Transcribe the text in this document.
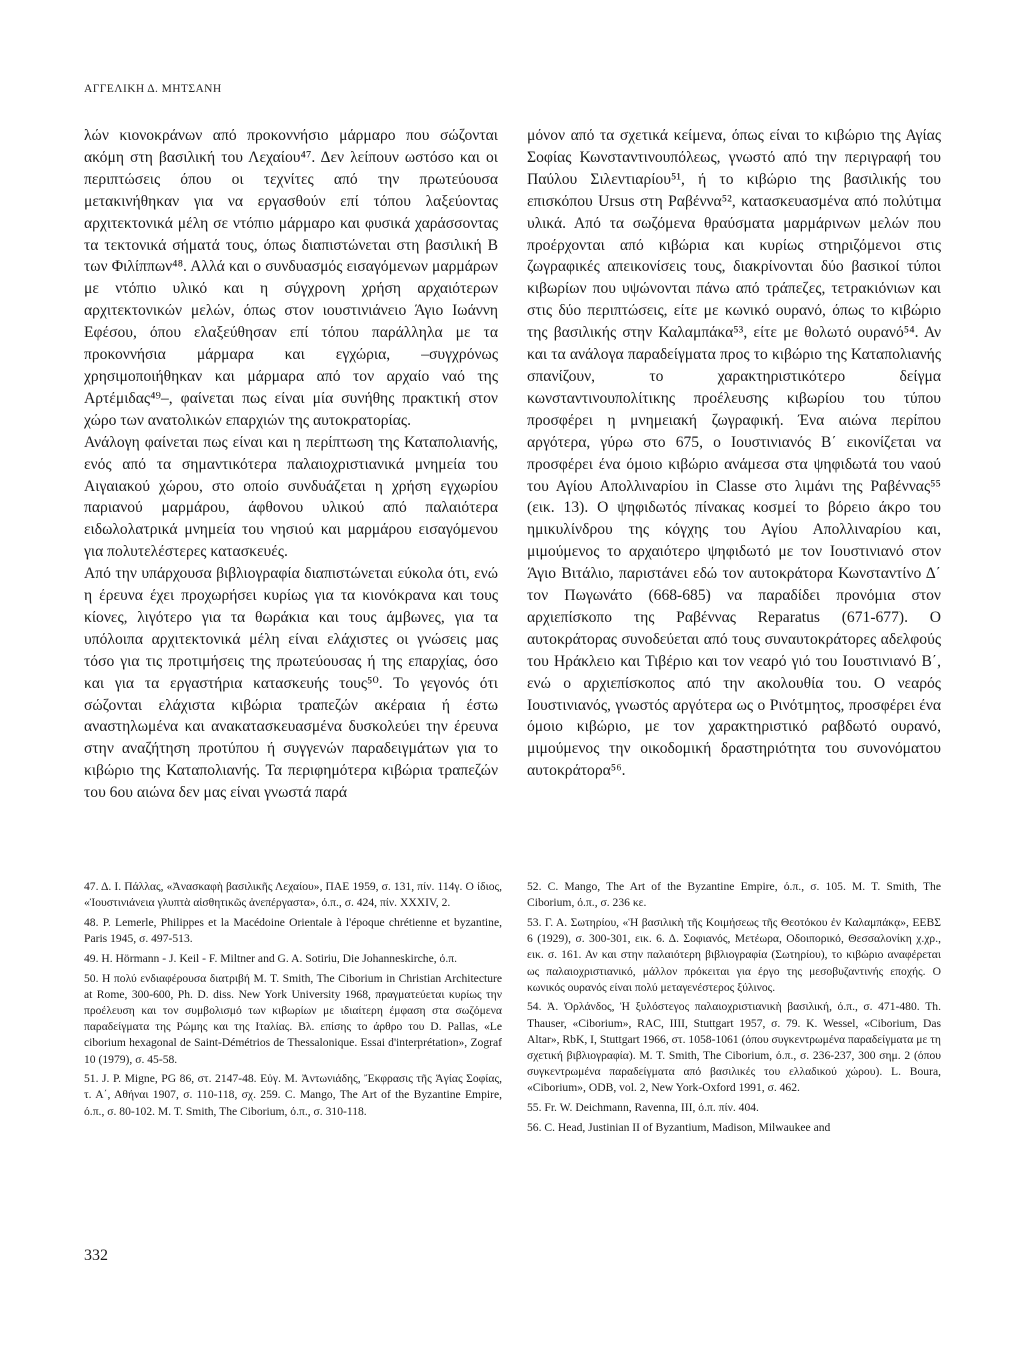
ΑΓΓΕΛΙΚΗ Δ. ΜΗΤΣΑΝΗ

λών κιονοκράνων από προκοννήσιο μάρμαρο που σώζονται ακόμη στη βασιλική του Λεχαίου⁴⁷. Δεν λείπουν ωστόσο και οι περιπτώσεις όπου οι τεχνίτες από την πρωτεύουσα μετακινήθηκαν για να εργασθούν επί τόπου λαξεύοντας αρχιτεκτονικά μέλη σε ντόπιο μάρμαρο και φυσικά χαράσσοντας τα τεκτονικά σήματά τους, όπως διαπιστώνεται στη βασιλική Β των Φιλίππων⁴⁸. Αλλά και ο συνδυασμός εισαγόμενων μαρμάρων με ντόπιο υλικό και η σύγχρονη χρήση αρχαιότερων αρχιτεκτονικών μελών, όπως στον ιουστινιάνειο Άγιο Ιωάννη Εφέσου, όπου ελαξεύθησαν επί τόπου παράλληλα με τα προκοννήσια μάρμαρα και εγχώρια, –συγχρόνως χρησιμοποιήθηκαν και μάρμαρα από τον αρχαίο ναό της Αρτέμιδας⁴⁹–, φαίνεται πως είναι μία συνήθης πρακτική στον χώρο των ανατολικών επαρχιών της αυτοκρατορίας.

Ανάλογη φαίνεται πως είναι και η περίπτωση της Καταπολιανής, ενός από τα σημαντικότερα παλαιοχριστιανικά μνημεία του Αιγαιακού χώρου, στο οποίο συνδυάζεται η χρήση εγχωρίου παριανού μαρμάρου, άφθονου υλικού από παλαιότερα ειδωλολατρικά μνημεία του νησιού και μαρμάρου εισαγόμενου για πολυτελέστερες κατασκευές.

Από την υπάρχουσα βιβλιογραφία διαπιστώνεται εύκολα ότι, ενώ η έρευνα έχει προχωρήσει κυρίως για τα κιονόκρανα και τους κίονες, λιγότερο για τα θωράκια και τους άμβωνες, για τα υπόλοιπα αρχιτεκτονικά μέλη είναι ελάχιστες οι γνώσεις μας τόσο για τις προτιμήσεις της πρωτεύουσας ή της επαρχίας, όσο και για τα εργαστήρια κατασκευής τους⁵⁰. Το γεγονός ότι σώζονται ελάχιστα κιβώρια τραπεζών ακέραια ή έστω αναστηλωμένα και ανακατασκευασμένα δυσκολεύει την έρευνα στην αναζήτηση προτύπου ή συγγενών παραδειγμάτων για το κιβώριο της Καταπολιανής. Τα περιφημότερα κιβώρια τραπεζών του 6ου αιώνα δεν μας είναι γνωστά παρά

μόνον από τα σχετικά κείμενα, όπως είναι το κιβώριο της Αγίας Σοφίας Κωνσταντινουπόλεως, γνωστό από την περιγραφή του Παύλου Σιλεντιαρίου⁵¹, ή το κιβώριο της βασιλικής του επισκόπου Ursus στη Ραβέννα⁵², κατασκευασμένα από πολύτιμα υλικά. Από τα σωζόμενα θραύσματα μαρμάρινων μελών που προέρχονται από κιβώρια και κυρίως στηριζόμενοι στις ζωγραφικές απεικονίσεις τους, διακρίνονται δύο βασικοί τύποι κιβωρίων που υψώνονται πάνω από τράπεζες, τετρακιόνιων και στις δύο περιπτώσεις, είτε με κωνικό ουρανό, όπως το κιβώριο της βασιλικής στην Καλαμπάκα⁵³, είτε με θολωτό ουρανό⁵⁴. Αν και τα ανάλογα παραδείγματα προς το κιβώριο της Καταπολιανής σπανίζουν, το χαρακτηριστικότερο δείγμα κωνσταντινουπολίτικης προέλευσης κιβωρίου του τύπου προσφέρει η μνημειακή ζωγραφική. Ένα αιώνα περίπου αργότερα, γύρω στο 675, ο Ιουστινιανός Β΄ εικονίζεται να προσφέρει ένα όμοιο κιβώριο ανάμεσα στα ψηφιδωτά του ναού του Αγίου Απολλιναρίου in Classe στο λιμάνι της Ραβέννας⁵⁵ (εικ. 13). Ο ψηφιδωτός πίνακας κοσμεί το βόρειο άκρο του ημικυλίνδρου της κόγχης του Αγίου Απολλιναρίου και, μιμούμενος το αρχαιότερο ψηφιδωτό με τον Ιουστινιανό στον Άγιο Βιτάλιο, παριστάνει εδώ τον αυτοκράτορα Κωνσταντίνο Δ΄ τον Πωγωνάτο (668-685) να παραδίδει προνόμια στον αρχιεπίσκοπο της Ραβέννας Reparatus (671-677). Ο αυτοκράτορας συνοδεύεται από τους συναυτοκράτορες αδελφούς του Ηράκλειο και Τιβέριο και τον νεαρό γιό του Ιουστινιανό Β΄, ενώ ο αρχιεπίσκοπος από την ακολουθία του. Ο νεαρός Ιουστινιανός, γνωστός αργότερα ως ο Ρινότμητος, προσφέρει ένα όμοιο κιβώριο, με τον χαρακτηριστικό ραβδωτό ουρανό, μιμούμενος την οικοδομική δραστηριότητα του συνονόματου αυτοκράτορα⁵⁶.

47. Δ. Ι. Πάλλας, «Ἀνασκαφὴ βασιλικῆς Λεχαίου», ΠΑΕ 1959, σ. 131, πίν. 114γ. Ο ίδιος, «Ἰουστινιάνεια γλυπτὰ αἰσθητικῶς ἀνεπέργαστα», ό.π., σ. 424, πίν. XXXIV, 2.

48. P. Lemerle, Philippes et la Macédoine Orientale à l'époque chrétienne et byzantine, Paris 1945, σ. 497-513.

49. H. Hörmann - J. Keil - F. Miltner and G. A. Sotiriu, Die Johanneskirche, ό.π.

50. Η πολύ ενδιαφέρουσα διατριβή M. T. Smith, The Ciborium in Christian Architecture at Rome, 300-600, Ph. D. diss. New York University 1968, πραγματεύεται κυρίως την προέλευση και τον συμβολισμό των κιβωρίων με ιδιαίτερη έμφαση στα σωζόμενα παραδείγματα της Ρώμης και της Ιταλίας. Βλ. επίσης το άρθρο του D. Pallas, «Le ciborium hexagonal de Saint-Démétrios de Thessalonique. Essai d'interprétation», Zograf 10 (1979), σ. 45-58.

51. J. P. Migne, PG 86, στ. 2147-48. Εὐγ. Μ. Ἀντωνιάδης, Ἔκφρασις τῆς Ἁγίας Σοφίας, τ. Α΄, Αθήναι 1907, σ. 110-118, σχ. 259. C. Mango, The Art of the Byzantine Empire, ό.π., σ. 80-102. M. T. Smith, The Ciborium, ό.π., σ. 310-118.

52. C. Mango, The Art of the Byzantine Empire, ό.π., σ. 105. M. T. Smith, The Ciborium, ό.π., σ. 236 κε.

53. Γ. Α. Σωτηρίου, «Ἡ βασιλικὴ τῆς Κοιμήσεως τῆς Θεοτόκου ἐν Καλαμπάκᾳ», ΕΕΒΣ 6 (1929), σ. 300-301, εικ. 6. Δ. Σοφιανός, Μετέωρα, Οδοιπορικό, Θεσσαλονίκη χ.χρ., εικ. σ. 161. Αν και στην παλαιότερη βιβλιογραφία (Σωτηρίου), το κιβώριο αναφέρεται ως παλαιοχριστιανικό, μάλλον πρόκειται για έργο της μεσοβυζαντινής εποχής. Ο κωνικός ουρανός είναι πολύ μεταγενέστερος ξύλινος.

54. Ἀ. Ὀρλάνδος, Ἡ ξυλόστεγος παλαιοχριστιανικὴ βασιλική, ό.π., σ. 471-480. Th. Thauser, «Ciborium», RAC, IIII, Stuttgart 1957, σ. 79. K. Wessel, «Ciborium, Das Altar», RbK, I, Stuttgart 1966, στ. 1058-1061 (όπου συγκεντρωμένα παραδείγματα με τη σχετική βιβλιογραφία). M. T. Smith, The Ciborium, ό.π., σ. 236-237, 300 σημ. 2 (όπου συγκεντρωμένα παραδείγματα από βασιλικές του ελλαδικού χώρου). L. Boura, «Ciborium», ODB, vol. 2, New York-Oxford 1991, σ. 462.

55. Fr. W. Deichmann, Ravenna, III, ό.π. πίν. 404.

56. C. Head, Justinian II of Byzantium, Madison, Milwaukee and

332
